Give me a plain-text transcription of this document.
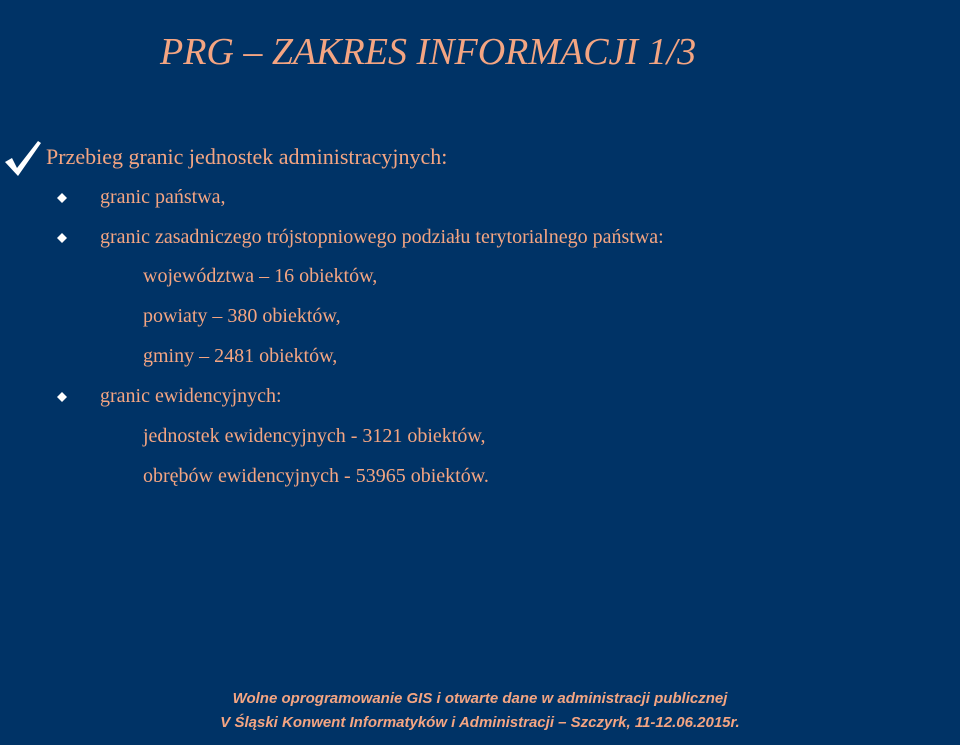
PRG – ZAKRES INFORMACJI 1/3
Przebieg granic jednostek administracyjnych:
granic państwa,
granic zasadniczego trójstopniowego podziału terytorialnego państwa:
województwa – 16 obiektów,
powiaty – 380 obiektów,
gminy – 2481 obiektów,
granic ewidencyjnych:
jednostek ewidencyjnych - 3121 obiektów,
obrębów ewidencyjnych - 53965 obiektów.
Wolne oprogramowanie GIS i otwarte dane w administracji publicznej
V Śląski Konwent Informatyków i Administracji – Szczyrk, 11-12.06.2015r.
